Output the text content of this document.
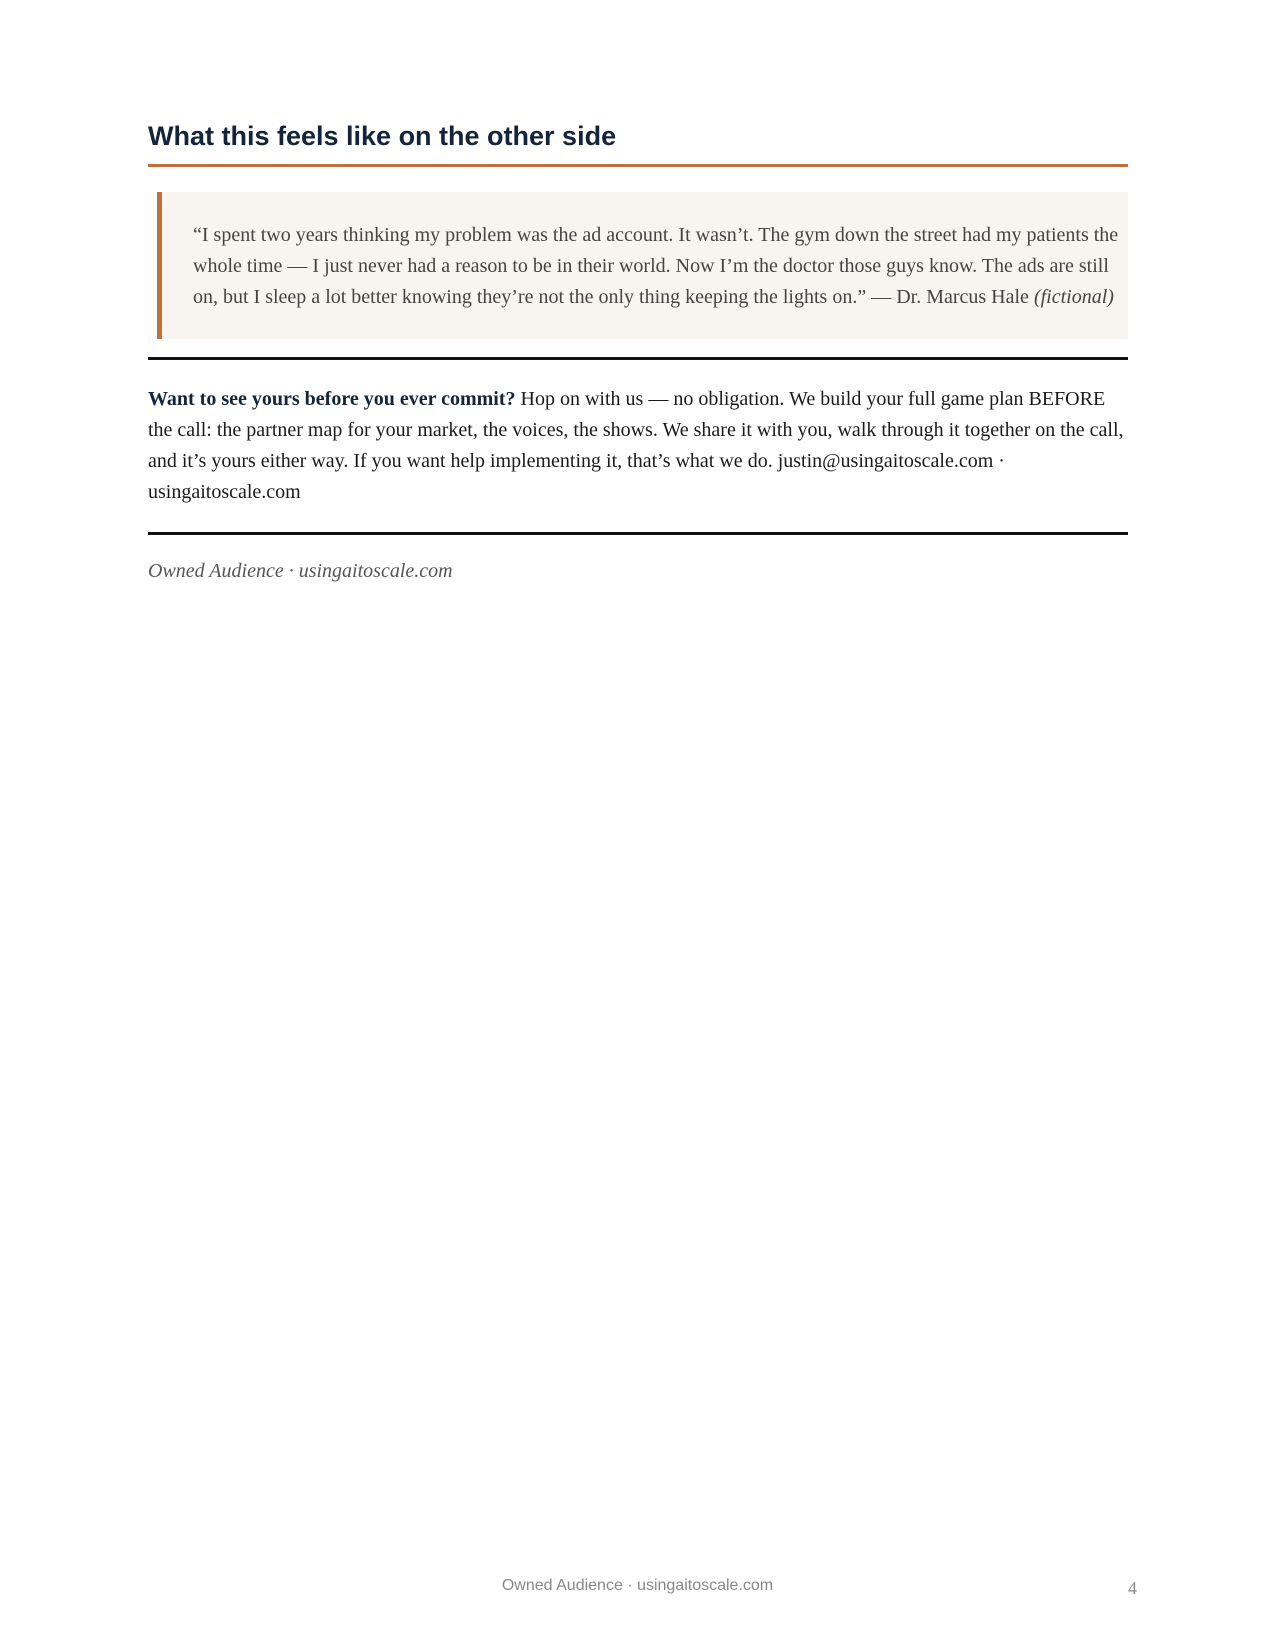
What this feels like on the other side
“I spent two years thinking my problem was the ad account. It wasn’t. The gym down the street had my patients the whole time — I just never had a reason to be in their world. Now I’m the doctor those guys know. The ads are still on, but I sleep a lot better knowing they’re not the only thing keeping the lights on.” — Dr. Marcus Hale (fictional)
Want to see yours before you ever commit? Hop on with us — no obligation. We build your full game plan BEFORE the call: the partner map for your market, the voices, the shows. We share it with you, walk through it together on the call, and it’s yours either way. If you want help implementing it, that’s what we do. justin@usingaitoscale.com · usingaitoscale.com
Owned Audience · usingaitoscale.com
Owned Audience · usingaitoscale.com	4
